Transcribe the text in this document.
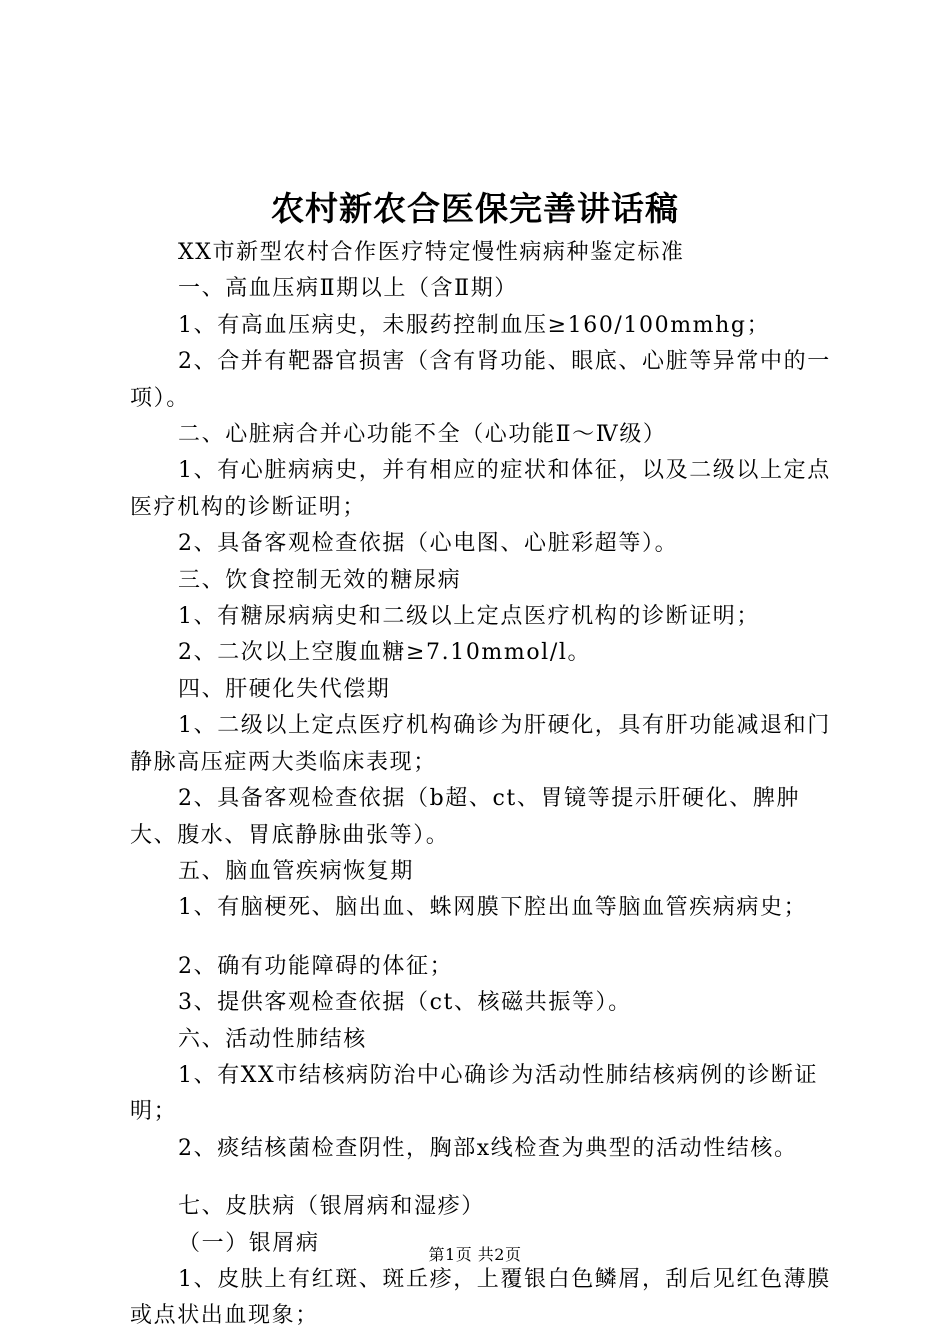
农村新农合医保完善讲话稿

XX市新型农村合作医疗特定慢性病病种鉴定标准

一、高血压病Ⅱ期以上（含Ⅱ期）

1、有高血压病史，未服药控制血压≥160/100mmhg；

2、合并有靶器官损害（含有肾功能、眼底、心脏等异常中的一项）。

二、心脏病合并心功能不全（心功能Ⅱ～Ⅳ级）

1、有心脏病病史，并有相应的症状和体征，以及二级以上定点医疗机构的诊断证明；

2、具备客观检查依据（心电图、心脏彩超等）。

三、饮食控制无效的糖尿病

1、有糖尿病病史和二级以上定点医疗机构的诊断证明；

2、二次以上空腹血糖≥7.10mmol/l。

四、肝硬化失代偿期

1、二级以上定点医疗机构确诊为肝硬化，具有肝功能减退和门静脉高压症两大类临床表现；

2、具备客观检查依据（b超、ct、胃镜等提示肝硬化、脾肿大、腹水、胃底静脉曲张等）。

五、脑血管疾病恢复期

1、有脑梗死、脑出血、蛛网膜下腔出血等脑血管疾病病史；

2、确有功能障碍的体征；

3、提供客观检查依据（ct、核磁共振等）。

六、活动性肺结核

1、有XX市结核病防治中心确诊为活动性肺结核病例的诊断证明；

2、痰结核菌检查阴性，胸部x线检查为典型的活动性结核。

七、皮肤病（银屑病和湿疹）

（一）银屑病

1、皮肤上有红斑、斑丘疹，上覆银白色鳞屑，刮后见红色薄膜或点状出血现象；

第1页 共2页
